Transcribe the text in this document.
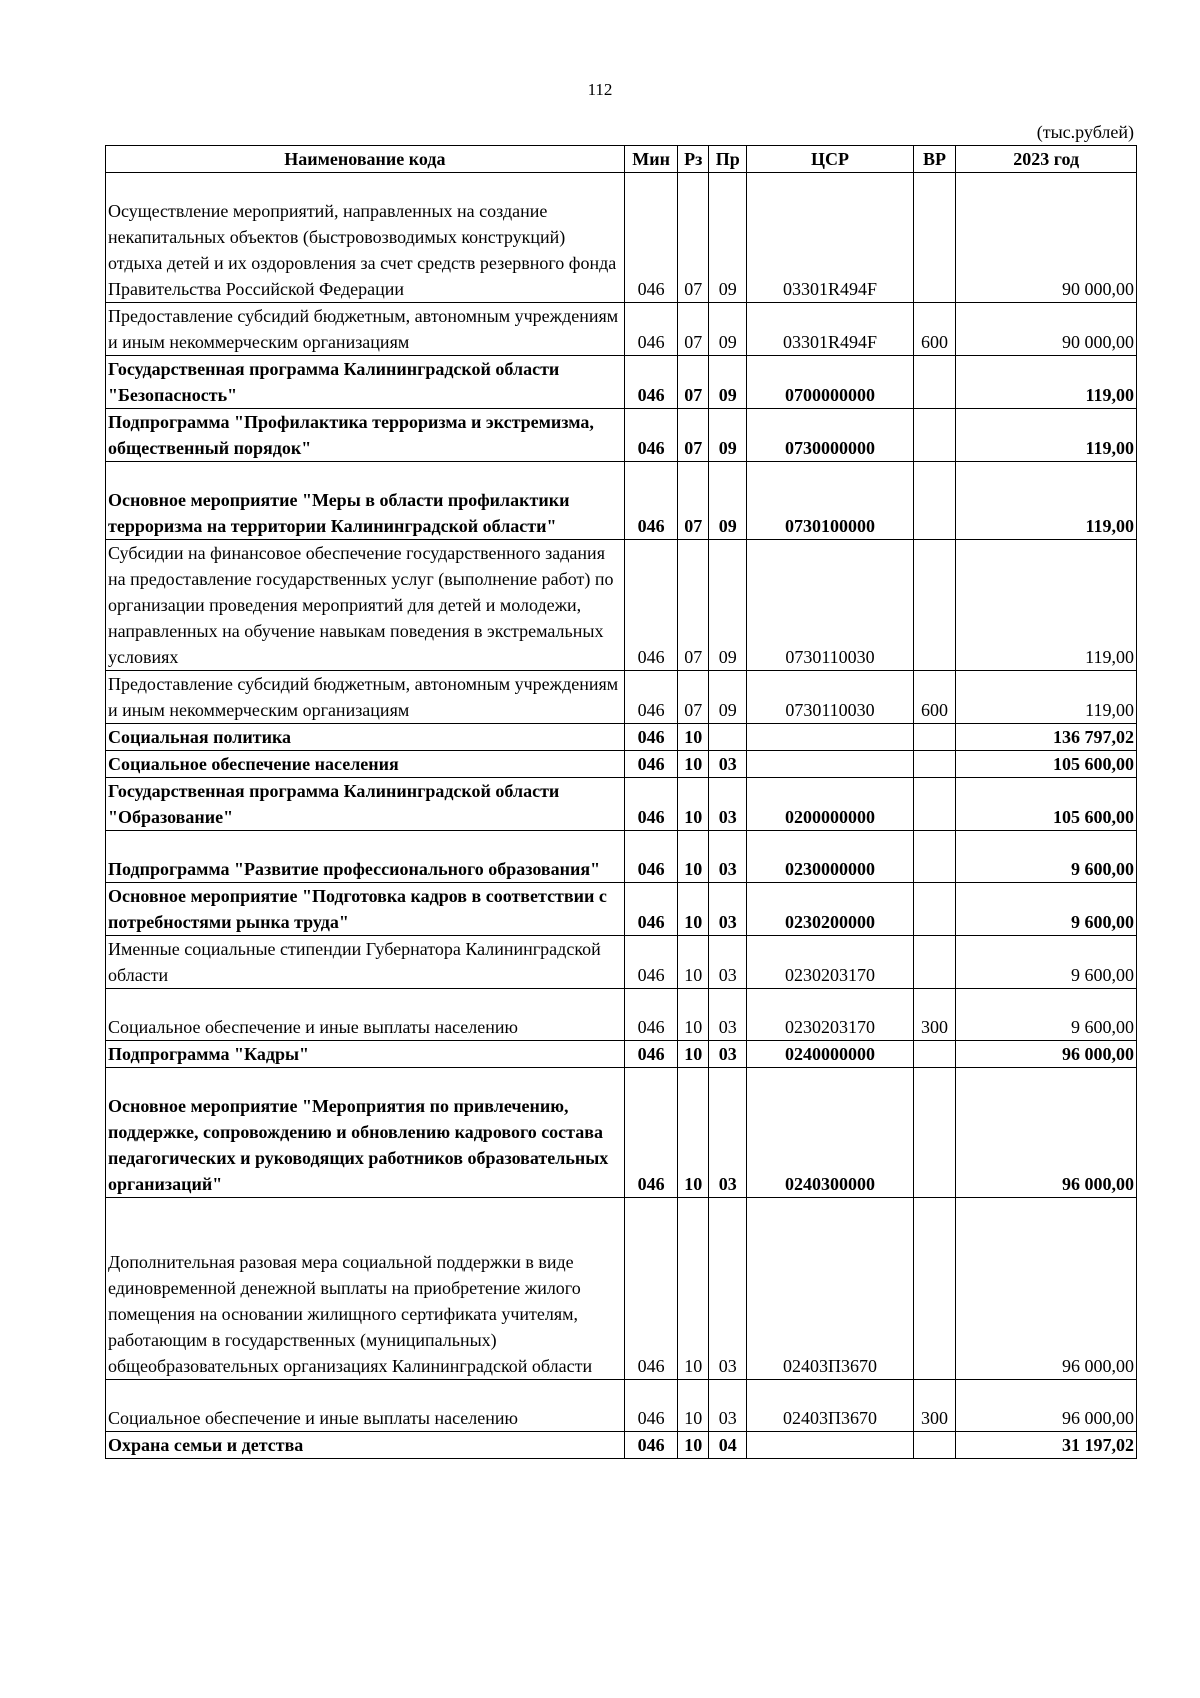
112
(тыс.рублей)
Наименование кода	Мин	Рз	Пр	ЦСР	ВР	2023 год
Осуществление мероприятий, направленных на создание некапитальных объектов (быстровозводимых конструкций) отдыха детей и их оздоровления за счет средств резервного фонда Правительства Российской Федерации	046	07	09	03301R494F		90 000,00
Предоставление субсидий бюджетным, автономным учреждениям и иным некоммерческим организациям	046	07	09	03301R494F	600	90 000,00
Государственная программа Калининградской области "Безопасность"	046	07	09	0700000000		119,00
Подпрограмма "Профилактика терроризма и экстремизма, общественный порядок"	046	07	09	0730000000		119,00
Основное мероприятие "Меры в области профилактики терроризма на территории Калининградской области"	046	07	09	0730100000		119,00
Субсидии на финансовое обеспечение государственного задания на предоставление государственных услуг (выполнение работ) по организации проведения мероприятий для детей и молодежи, направленных на обучение навыкам поведения в экстремальных условиях	046	07	09	0730110030		119,00
Предоставление субсидий бюджетным, автономным учреждениям и иным некоммерческим организациям	046	07	09	0730110030	600	119,00
Социальная политика	046	10				136 797,02
Социальное обеспечение населения	046	10	03			105 600,00
Государственная программа Калининградской области "Образование"	046	10	03	0200000000		105 600,00
Подпрограмма "Развитие профессионального образования"	046	10	03	0230000000		9 600,00
Основное мероприятие "Подготовка кадров в соответствии с потребностями рынка труда"	046	10	03	0230200000		9 600,00
Именные социальные стипендии Губернатора Калининградской области	046	10	03	0230203170		9 600,00
Социальное обеспечение и иные выплаты населению	046	10	03	0230203170	300	9 600,00
Подпрограмма "Кадры"	046	10	03	0240000000		96 000,00
Основное мероприятие "Мероприятия по привлечению, поддержке, сопровождению и обновлению кадрового состава педагогических и руководящих работников образовательных организаций"	046	10	03	0240300000		96 000,00
Дополнительная разовая мера социальной поддержки в виде единовременной денежной выплаты на приобретение жилого помещения на основании жилищного сертификата учителям, работающим в государственных (муниципальных) общеобразовательных организациях Калининградской области	046	10	03	02403П3670		96 000,00
Социальное обеспечение и иные выплаты населению	046	10	03	02403П3670	300	96 000,00
Охрана семьи и детства	046	10	04			31 197,02
